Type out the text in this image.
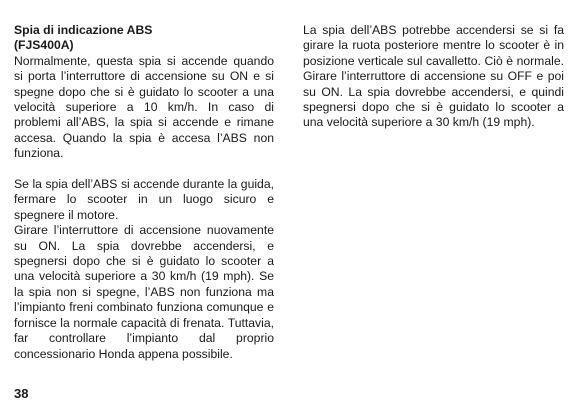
Spia di indicazione ABS

(FJS400A)

Normalmente, questa spia si accende quando si porta l’interruttore di accensione su ON e si spegne dopo che si è guidato lo scooter a una velocità superiore a 10 km/h. In caso di problemi all’ABS, la spia si accende e rimane accesa. Quando la spia è accesa l’ABS non funziona.

Se la spia dell’ABS si accende durante la guida, fermare lo scooter in un luogo sicuro e spegnere il motore.

Girare l’interruttore di accensione nuovamente su ON. La spia dovrebbe accendersi, e spegnersi dopo che si è guidato lo scooter a una velocità superiore a 30 km/h (19 mph). Se la spia non si spegne, l’ABS non funziona ma l’impianto freni combinato funziona comunque e fornisce la normale capacità di frenata. Tuttavia, far controllare l’impianto dal proprio concessionario Honda appena possibile.

La spia dell’ABS potrebbe accendersi se si fa girare la ruota posteriore mentre lo scooter è in posizione verticale sul cavalletto. Ciò è normale. Girare l’interruttore di accensione su OFF e poi su ON. La spia dovrebbe accendersi, e quindi spegnersi dopo che si è guidato lo scooter a una velocità superiore a 30 km/h (19 mph).

38
